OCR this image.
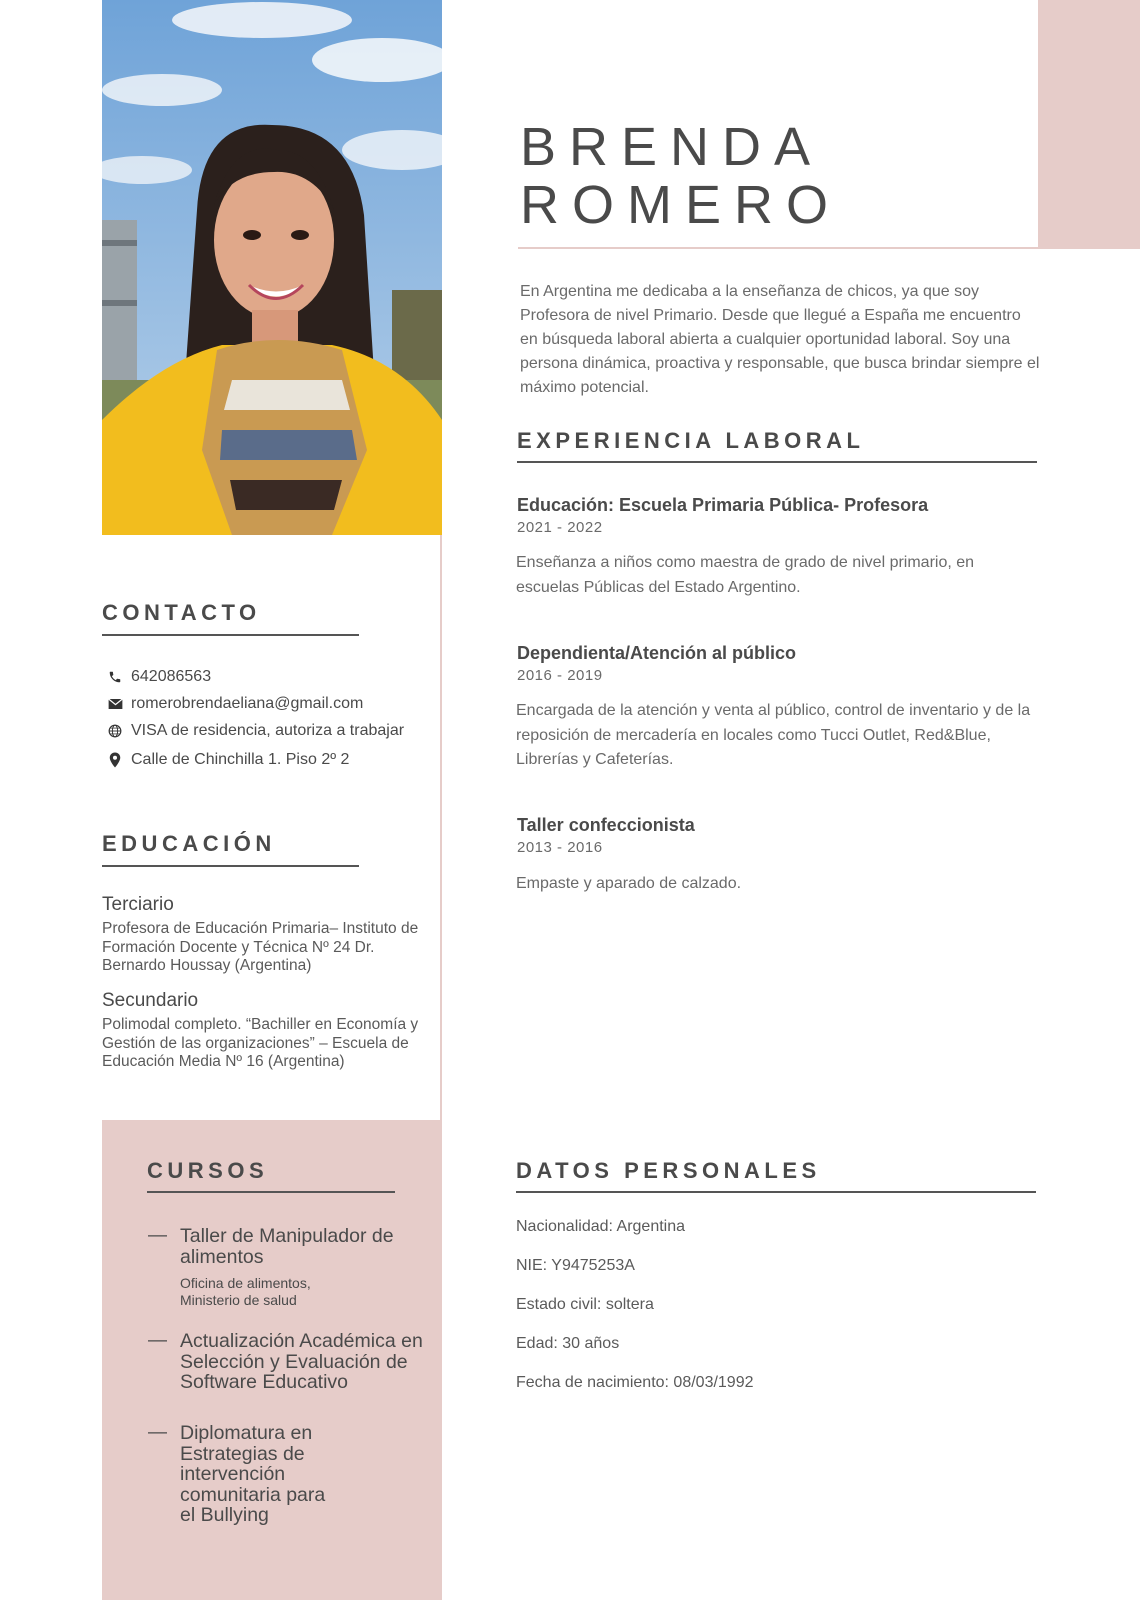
BRENDA
ROMERO
En Argentina me dedicaba a la enseñanza de chicos, ya que soy Profesora de nivel Primario. Desde que llegué a España me encuentro en búsqueda laboral abierta a cualquier oportunidad laboral. Soy una persona dinámica, proactiva y responsable, que busca brindar siempre el máximo potencial.
EXPERIENCIA LABORAL
Educación: Escuela Primaria Pública- Profesora
2021 - 2022
Enseñanza a niños como maestra de grado de nivel primario, en escuelas Públicas del Estado Argentino.
Dependienta/Atención al público
2016 - 2019
Encargada de la atención y venta al público, control de inventario y de la reposición de mercadería en locales como Tucci Outlet, Red&Blue, Librerías y Cafeterías.
Taller confeccionista
2013 - 2016
Empaste y aparado de calzado.
CONTACTO
642086563
romerobrendaeliana@gmail.com
VISA de residencia, autoriza a trabajar
Calle de Chinchilla 1. Piso 2º 2
EDUCACIÓN
Terciario
Profesora de Educación Primaria– Instituto de Formación Docente y Técnica Nº 24 Dr. Bernardo Houssay (Argentina)
Secundario
Polimodal completo. “Bachiller en Economía y Gestión de las organizaciones” – Escuela de Educación Media Nº 16 (Argentina)
CURSOS
— Taller de Manipulador de alimentos
Oficina de alimentos, Ministerio de salud
— Actualización Académica en Selección y Evaluación de Software Educativo
— Diplomatura en Estrategias de intervención comunitaria para el Bullying
DATOS PERSONALES
Nacionalidad: Argentina
NIE: Y9475253A
Estado civil: soltera
Edad: 30 años
Fecha de nacimiento: 08/03/1992
